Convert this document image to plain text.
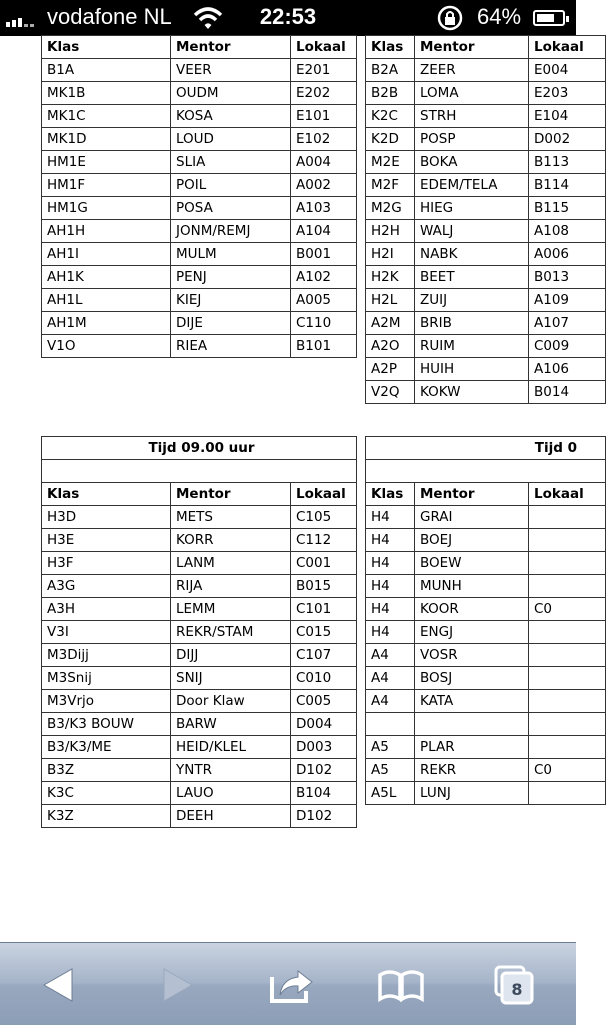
vodafone NL	22:53	64%
Klas	Mentor	Lokaal
B1A	VEER	E201
MK1B	OUDM	E202
MK1C	KOSA	E101
MK1D	LOUD	E102
HM1E	SLIA	A004
HM1F	POIL	A002
HM1G	POSA	A103
AH1H	JONM/REMJ	A104
AH1I	MULM	B001
AH1K	PENJ	A102
AH1L	KIEJ	A005
AH1M	DIJE	C110
V1O	RIEA	B101
Klas	Mentor	Lokaal
B2A	ZEER	E004
B2B	LOMA	E203
K2C	STRH	E104
K2D	POSP	D002
M2E	BOKA	B113
M2F	EDEM/TELA	B114
M2G	HIEG	B115
H2H	WALJ	A108
H2I	NABK	A006
H2K	BEET	B013
H2L	ZUIJ	A109
A2M	BRIB	A107
A2O	RUIM	C009
A2P	HUIH	A106
V2Q	KOKW	B014
Tijd 09.00 uur		

Klas	Mentor	Lokaal
H3D	METS	C105
H3E	KORR	C112
H3F	LANM	C001
A3G	RIJA	B015
A3H	LEMM	C101
V3I	REKR/STAM	C015
M3Dijj	DIJJ	C107
M3Snij	SNIJ	C010
M3Vrjo	Door Klaw	C005
B3/K3 BOUW	BARW	D004
B3/K3/ME	HEID/KLEL	D003
B3Z	YNTR	D102
K3C	LAUO	B104
K3Z	DEEH	D102
Tijd 0		

Klas	Mentor	Lokaal
H4	GRAI	
H4	BOEJ	
H4	BOEW	
H4	MUNH	
H4	KOOR	C0
H4	ENGJ	
A4	VOSR	
A4	BOSJ	
A4	KATA	

A5	PLAR	
A5	REKR	C0
A5L	LUNJ	
8
